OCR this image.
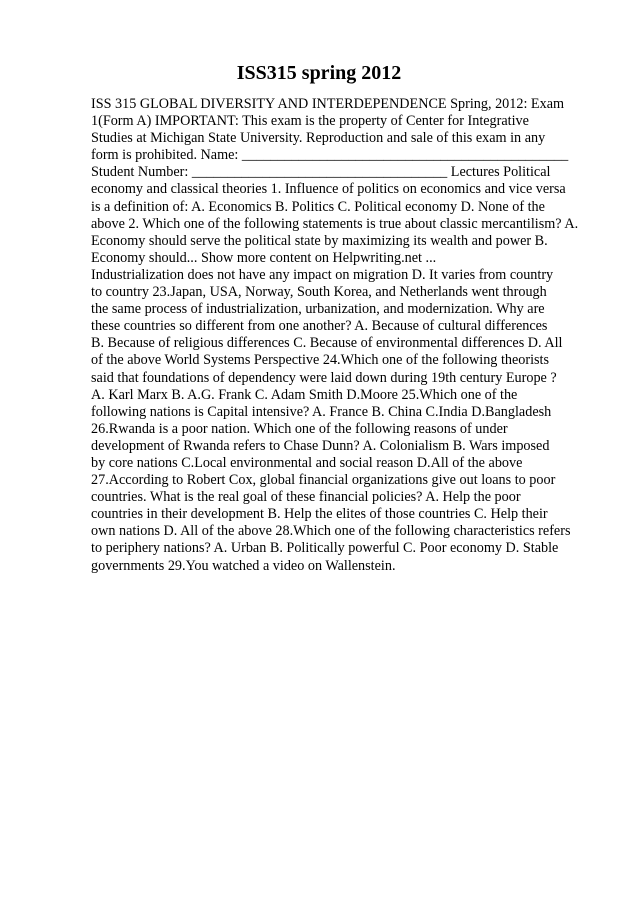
ISS315 spring 2012
ISS 315 GLOBAL DIVERSITY AND INTERDEPENDENCE Spring, 2012: Exam
1(Form A) IMPORTANT: This exam is the property of Center for Integrative
Studies at Michigan State University. Reproduction and sale of this exam in any
form is prohibited. Name: ______________________________________________
Student Number: ____________________________________ Lectures Political
economy and classical theories 1. Influence of politics on economics and vice versa
is a definition of: A. Economics B. Politics C. Political economy D. None of the
above 2. Which one of the following statements is true about classic mercantilism? A.
Economy should serve the political state by maximizing its wealth and power B.
Economy should... Show more content on Helpwriting.net ...
Industrialization does not have any impact on migration D. It varies from country
to country 23.Japan, USA, Norway, South Korea, and Netherlands went through
the same process of industrialization, urbanization, and modernization. Why are
these countries so different from one another? A. Because of cultural differences
B. Because of religious differences C. Because of environmental differences D. All
of the above World Systems Perspective 24.Which one of the following theorists
said that foundations of dependency were laid down during 19th century Europe ?
A. Karl Marx B. A.G. Frank C. Adam Smith D.Moore 25.Which one of the
following nations is Capital intensive? A. France B. China C.India D.Bangladesh
26.Rwanda is a poor nation. Which one of the following reasons of under
development of Rwanda refers to Chase Dunn? A. Colonialism B. Wars imposed
by core nations C.Local environmental and social reason D.All of the above
27.According to Robert Cox, global financial organizations give out loans to poor
countries. What is the real goal of these financial policies? A. Help the poor
countries in their development B. Help the elites of those countries C. Help their
own nations D. All of the above 28.Which one of the following characteristics refers
to periphery nations? A. Urban B. Politically powerful C. Poor economy D. Stable
governments 29.You watched a video on Wallenstein.
